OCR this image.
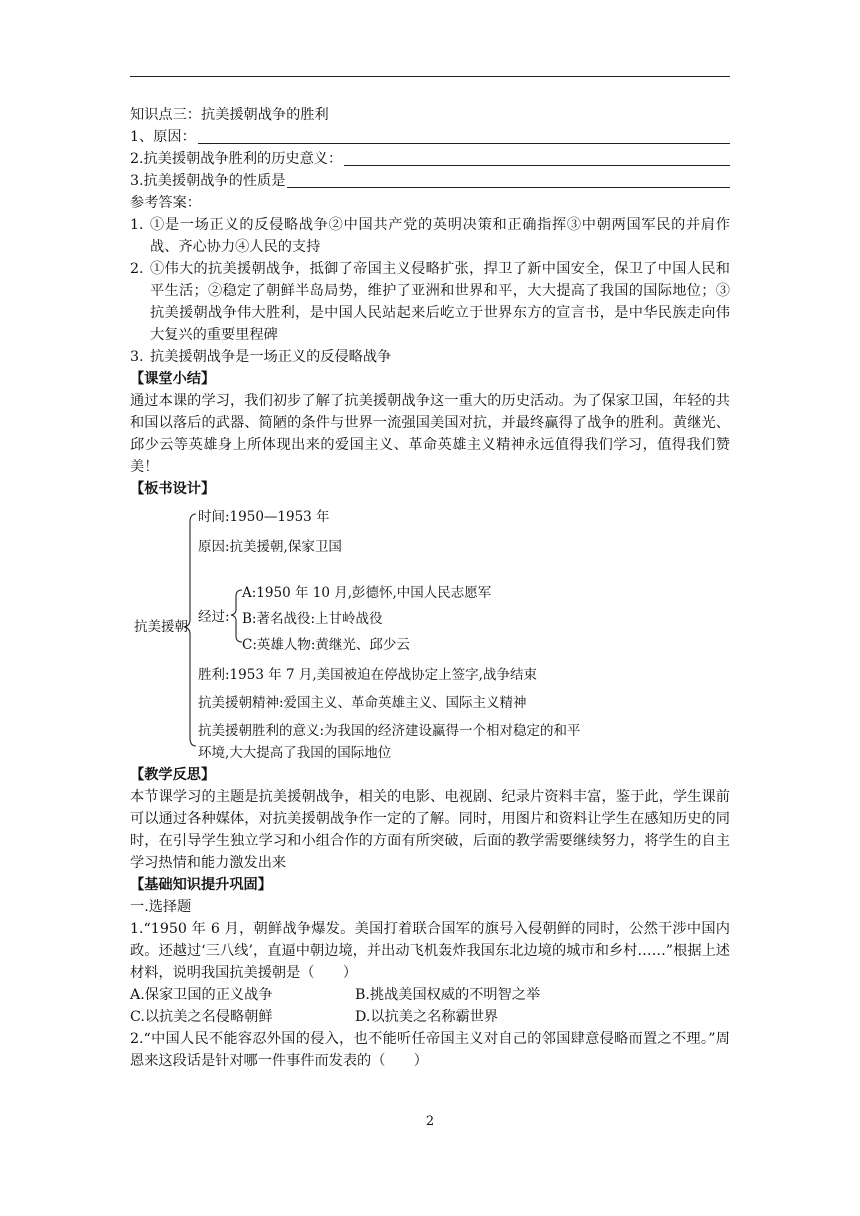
知识点三：抗美援朝战争的胜利
1、原因：
2.抗美援朝战争胜利的历史意义：
3.抗美援朝战争的性质是
参考答案：
1. ①是一场正义的反侵略战争②中国共产党的英明决策和正确指挥③中朝两国军民的并肩作战、齐心协力④人民的支持
2. ①伟大的抗美援朝战争，抵御了帝国主义侵略扩张，捍卫了新中国安全，保卫了中国人民和平生活；②稳定了朝鲜半岛局势，维护了亚洲和世界和平，大大提高了我国的国际地位；③抗美援朝战争伟大胜利，是中国人民站起来后屹立于世界东方的宣言书，是中华民族走向伟大复兴的重要里程碑
3. 抗美援朝战争是一场正义的反侵略战争
【课堂小结】
通过本课的学习，我们初步了解了抗美援朝战争这一重大的历史活动。为了保家卫国，年轻的共和国以落后的武器、简陋的条件与世界一流强国美国对抗，并最终赢得了战争的胜利。黄继光、邱少云等英雄身上所体现出来的爱国主义、革命英雄主义精神永远值得我们学习，值得我们赞美！
【板书设计】
抗美援朝
时间:1950—1953 年
原因:抗美援朝,保家卫国
经过:
A:1950 年 10 月,彭德怀,中国人民志愿军
B:著名战役:上甘岭战役
C:英雄人物:黄继光、邱少云
胜利:1953 年 7 月,美国被迫在停战协定上签字,战争结束
抗美援朝精神:爱国主义、革命英雄主义、国际主义精神
抗美援朝胜利的意义:为我国的经济建设赢得一个相对稳定的和平
环境,大大提高了我国的国际地位
【教学反思】
本节课学习的主题是抗美援朝战争，相关的电影、电视剧、纪录片资料丰富，鉴于此，学生课前可以通过各种媒体，对抗美援朝战争作一定的了解。同时，用图片和资料让学生在感知历史的同时，在引导学生独立学习和小组合作的方面有所突破，后面的教学需要继续努力，将学生的自主学习热情和能力激发出来
【基础知识提升巩固】
一.选择题
1.“1950 年 6 月，朝鲜战争爆发。美国打着联合国军的旗号入侵朝鲜的同时，公然干涉中国内政。还越过‘三八线’，直逼中朝边境，并出动飞机轰炸我国东北边境的城市和乡村……”根据上述材料，说明我国抗美援朝是（　　）
A.保家卫国的正义战争	B.挑战美国权威的不明智之举
C.以抗美之名侵略朝鲜	D.以抗美之名称霸世界
2.“中国人民不能容忍外国的侵入，也不能听任帝国主义对自己的邻国肆意侵略而置之不理。”周恩来这段话是针对哪一件事件而发表的（　　）
2
